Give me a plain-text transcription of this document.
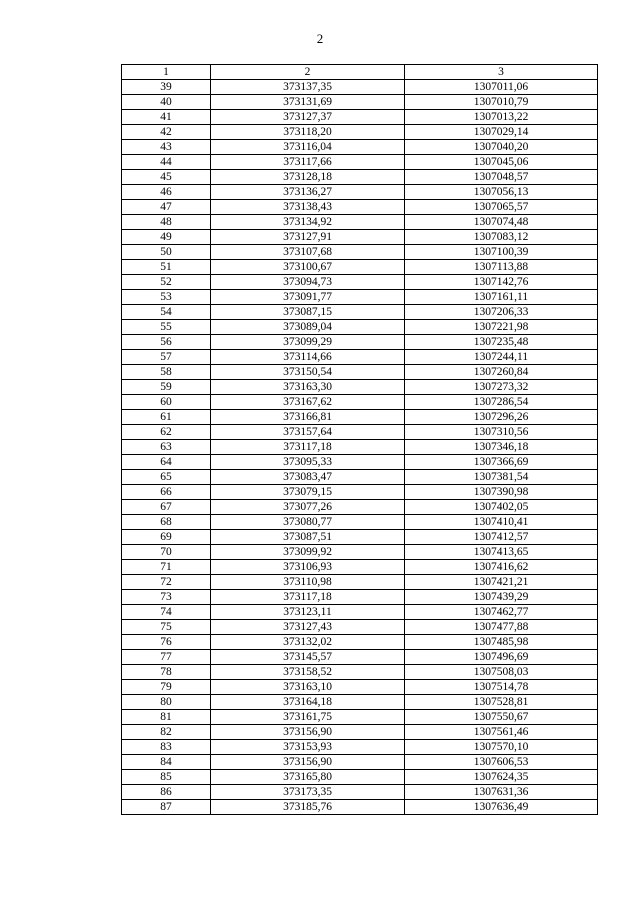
2
1	2	3
39	373137,35	1307011,06
40	373131,69	1307010,79
41	373127,37	1307013,22
42	373118,20	1307029,14
43	373116,04	1307040,20
44	373117,66	1307045,06
45	373128,18	1307048,57
46	373136,27	1307056,13
47	373138,43	1307065,57
48	373134,92	1307074,48
49	373127,91	1307083,12
50	373107,68	1307100,39
51	373100,67	1307113,88
52	373094,73	1307142,76
53	373091,77	1307161,11
54	373087,15	1307206,33
55	373089,04	1307221,98
56	373099,29	1307235,48
57	373114,66	1307244,11
58	373150,54	1307260,84
59	373163,30	1307273,32
60	373167,62	1307286,54
61	373166,81	1307296,26
62	373157,64	1307310,56
63	373117,18	1307346,18
64	373095,33	1307366,69
65	373083,47	1307381,54
66	373079,15	1307390,98
67	373077,26	1307402,05
68	373080,77	1307410,41
69	373087,51	1307412,57
70	373099,92	1307413,65
71	373106,93	1307416,62
72	373110,98	1307421,21
73	373117,18	1307439,29
74	373123,11	1307462,77
75	373127,43	1307477,88
76	373132,02	1307485,98
77	373145,57	1307496,69
78	373158,52	1307508,03
79	373163,10	1307514,78
80	373164,18	1307528,81
81	373161,75	1307550,67
82	373156,90	1307561,46
83	373153,93	1307570,10
84	373156,90	1307606,53
85	373165,80	1307624,35
86	373173,35	1307631,36
87	373185,76	1307636,49
